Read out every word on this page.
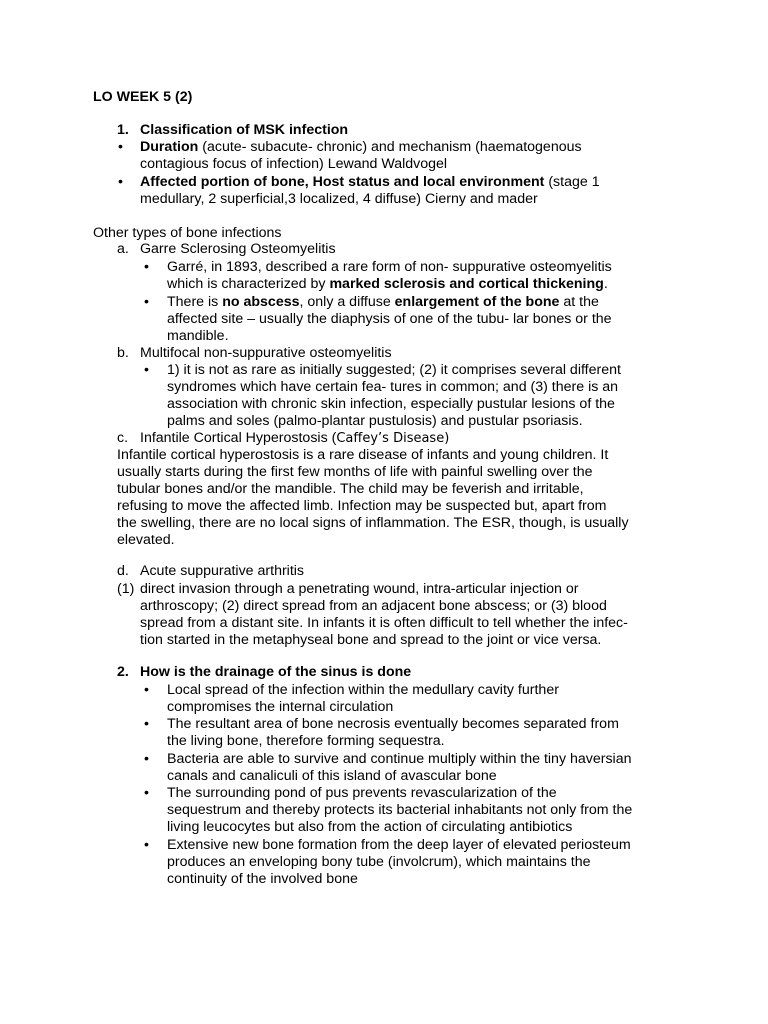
LO WEEK 5 (2)
1. Classification of MSK infection
• Duration (acute- subacute- chronic) and mechanism (haematogenous
contagious focus of infection) Lewand Waldvogel
• Affected portion of bone, Host status and local environment (stage 1
medullary, 2 superficial,3 localized, 4 diffuse) Cierny and mader
Other types of bone infections
a. Garre Sclerosing Osteomyelitis
• Garré, in 1893, described a rare form of non- suppurative osteomyelitis
which is characterized by marked sclerosis and cortical thickening.
• There is no abscess, only a diffuse enlargement of the bone at the
affected site – usually the diaphysis of one of the tubu- lar bones or the
mandible.
b. Multifocal non-suppurative osteomyelitis
• 1) it is not as rare as initially suggested; (2) it comprises several different
syndromes which have certain fea- tures in common; and (3) there is an
association with chronic skin infection, especially pustular lesions of the
palms and soles (palmo-plantar pustulosis) and pustular psoriasis.
c. Infantile Cortical Hyperostosis (Caffey’s Disease)
Infantile cortical hyperostosis is a rare disease of infants and young children. It
usually starts during the first few months of life with painful swelling over the
tubular bones and/or the mandible. The child may be feverish and irritable,
refusing to move the affected limb. Infection may be suspected but, apart from
the swelling, there are no local signs of inflammation. The ESR, though, is usually
elevated.
d. Acute suppurative arthritis
(1) direct invasion through a penetrating wound, intra-articular injection or
arthroscopy; (2) direct spread from an adjacent bone abscess; or (3) blood
spread from a distant site. In infants it is often difficult to tell whether the infec-
tion started in the metaphyseal bone and spread to the joint or vice versa.
2. How is the drainage of the sinus is done
• Local spread of the infection within the medullary cavity further
compromises the internal circulation
• The resultant area of bone necrosis eventually becomes separated from
the living bone, therefore forming sequestra.
• Bacteria are able to survive and continue multiply within the tiny haversian
canals and canaliculi of this island of avascular bone
• The surrounding pond of pus prevents revascularization of the
sequestrum and thereby protects its bacterial inhabitants not only from the
living leucocytes but also from the action of circulating antibiotics
• Extensive new bone formation from the deep layer of elevated periosteum
produces an enveloping bony tube (involcrum), which maintains the
continuity of the involved bone
